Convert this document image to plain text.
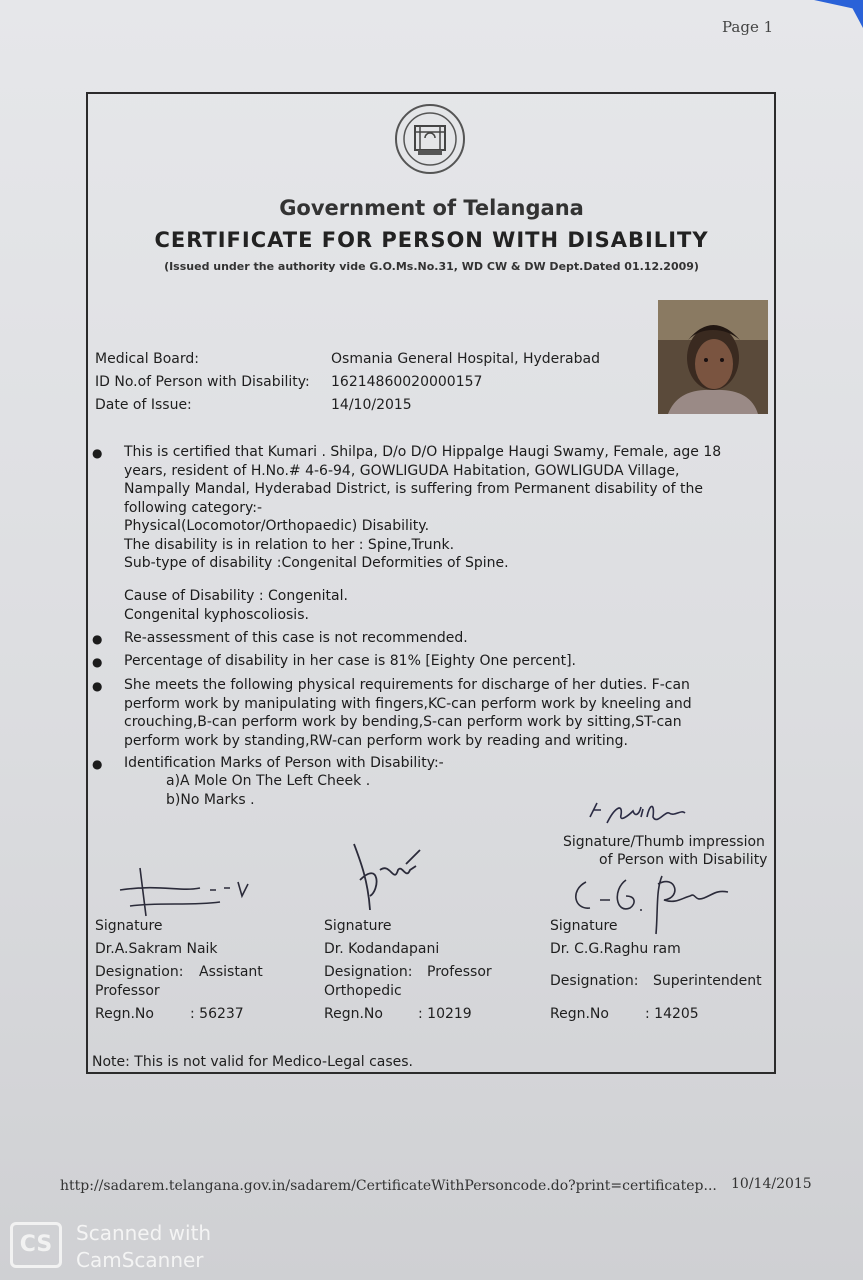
Page 1
Government of Telangana
CERTIFICATE FOR PERSON WITH DISABILITY
(Issued under the authority vide G.O.Ms.No.31, WD CW & DW Dept.Dated 01.12.2009)
Medical Board:	Osmania General Hospital, Hyderabad
ID No.of Person with Disability: 16214860020000157
Date of Issue:	14/10/2015
● This is certified that Kumari . Shilpa, D/o D/O Hippalge Haugi Swamy, Female, age 18
years, resident of H.No.# 4-6-94, GOWLIGUDA Habitation, GOWLIGUDA Village,
Nampally Mandal, Hyderabad District, is suffering from Permanent disability of the
following category:-
Physical(Locomotor/Orthopaedic) Disability.
The disability is in relation to her : Spine,Trunk.
Sub-type of disability :Congenital Deformities of Spine.
Cause of Disability : Congenital.
Congenital kyphoscoliosis.
● Re-assessment of this case is not recommended.
● Percentage of disability in her case is 81% [Eighty One percent].
● She meets the following physical requirements for discharge of her duties. F-can
perform work by manipulating with fingers,KC-can perform work by kneeling and
crouching,B-can perform work by bending,S-can perform work by sitting,ST-can
perform work by standing,RW-can perform work by reading and writing.
● Identification Marks of Person with Disability:-
a)A Mole On The Left Cheek .
b)No Marks .
Signature/Thumb impression
of Person with Disability
Signature
Dr.A.Sakram Naik
Designation: Assistant
Professor
Regn.No	: 56237
Signature
Dr. Kodandapani
Designation: Professor
Orthopedic
Regn.No	: 10219
Signature
Dr. C.G.Raghu ram
Designation: Superintendent
Regn.No	: 14205
Note: This is not valid for Medico-Legal cases.
http://sadarem.telangana.gov.in/sadarem/CertificateWithPersoncode.do?print=certificatep... 10/14/2015
CS	Scanned with
CamScanner
